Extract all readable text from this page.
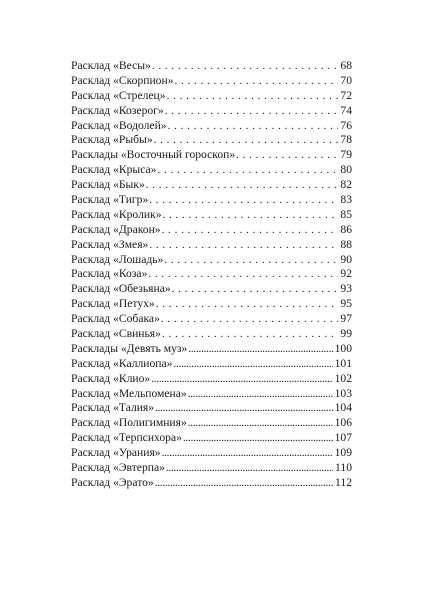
Расклад «Весы» . . .	68
Расклад «Скорпион» . . .	70
Расклад «Стрелец» . . .	72
Расклад «Козерог» . . .	74
Расклад «Водолей» . . .	76
Расклад «Рыбы» . . .	78
Расклады «Восточный гороскоп» . . .	79
Расклад «Крыса» . . .	80
Расклад «Бык» . . .	82
Расклад «Тигр» . . .	83
Расклад «Кролик» . . .	85
Расклад «Дракон» . . .	86
Расклад «Змея» . . .	88
Расклад «Лошадь» . . .	90
Расклад «Коза» . . .	92
Расклад «Обезьяна» . . .	93
Расклад «Петух» . . .	95
Расклад «Собака» . . .	97
Расклад «Свинья» . . .	99
Расклады «Девять муз» .....	100
Расклад «Каллиопа» .....	101
Расклад «Клио» .....	102
Расклад «Мельпомена» .....	103
Расклад «Талия» .....	104
Расклад «Полигимния» .....	106
Расклад «Терпсихора» .....	107
Расклад «Урания» .....	109
Расклад «Эвтерпа» .....	110
Расклад «Эрато» .....	112
